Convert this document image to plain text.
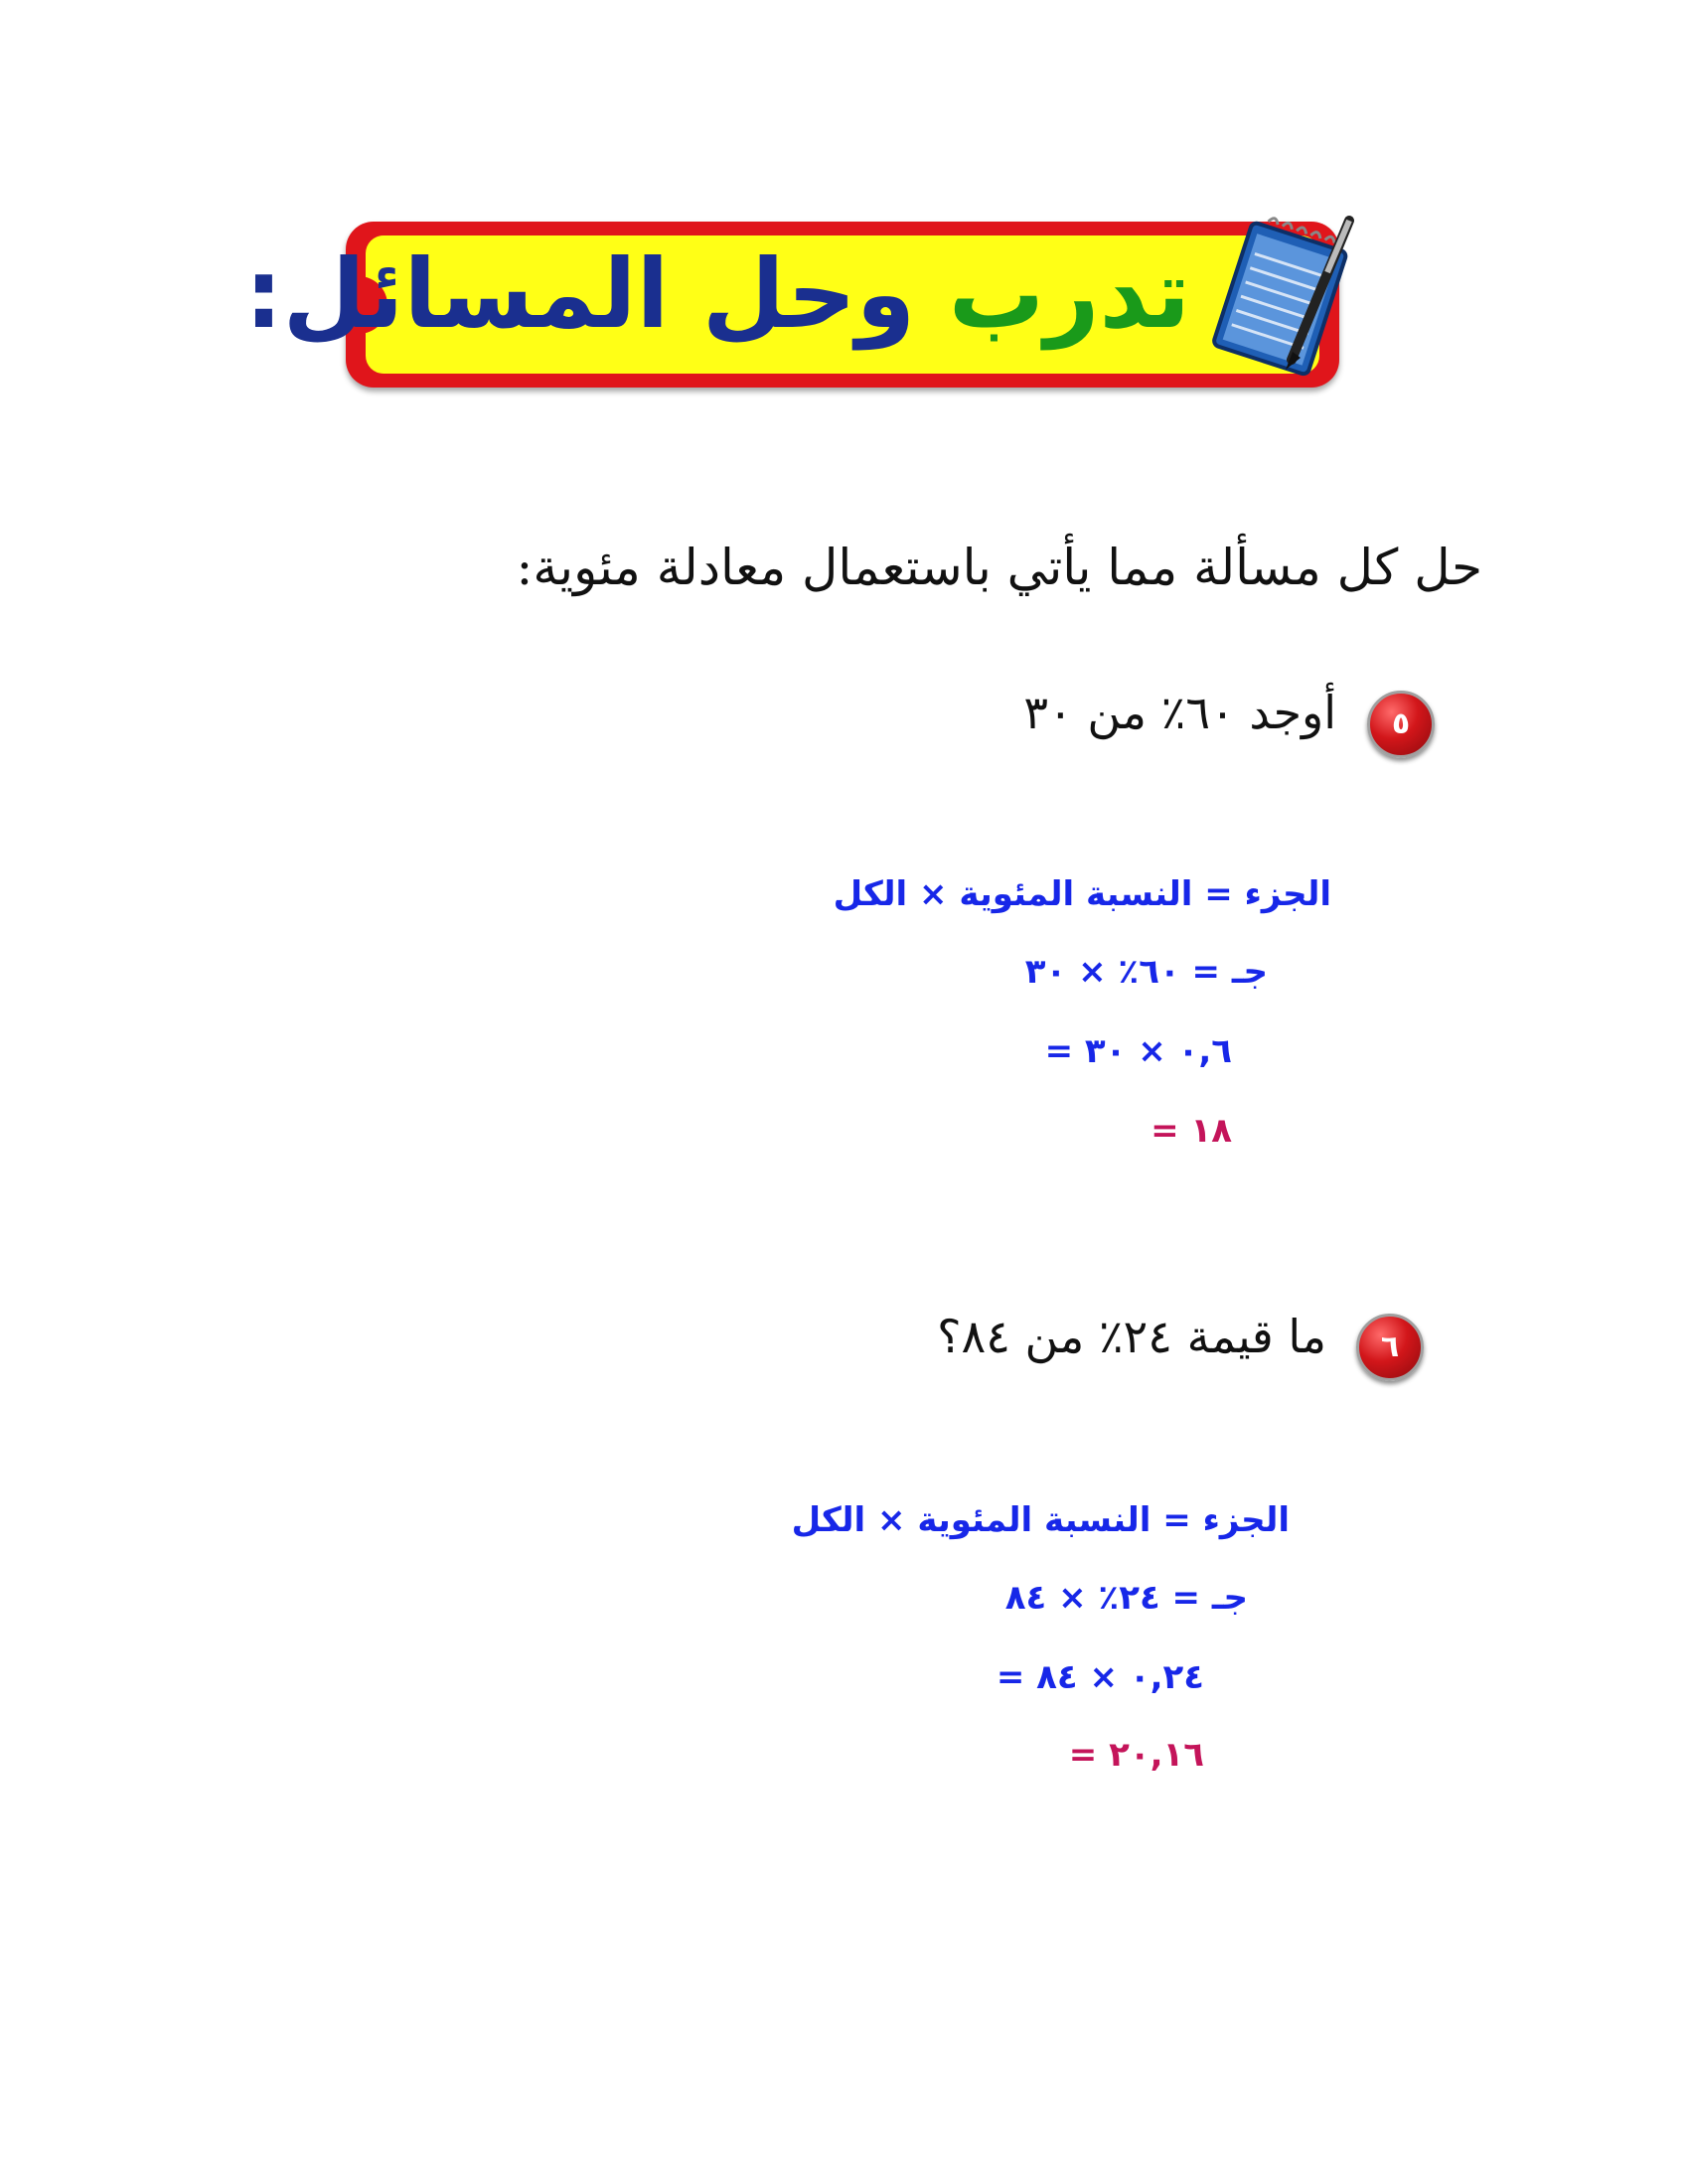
تدرب وحل المسائل:
حل كل مسألة مما يأتي باستعمال معادلة مئوية:
٥
أوجد ٦٠٪ من ٣٠
الجزء = النسبة المئوية × الكل
جـ = ٦٠٪ × ٣٠
= ٠,٦ × ٣٠
= ١٨
٦
ما قيمة ٢٤٪ من ٨٤؟
الجزء = النسبة المئوية × الكل
جـ = ٢٤٪ × ٨٤
= ٠,٢٤ × ٨٤
= ٢٠,١٦
